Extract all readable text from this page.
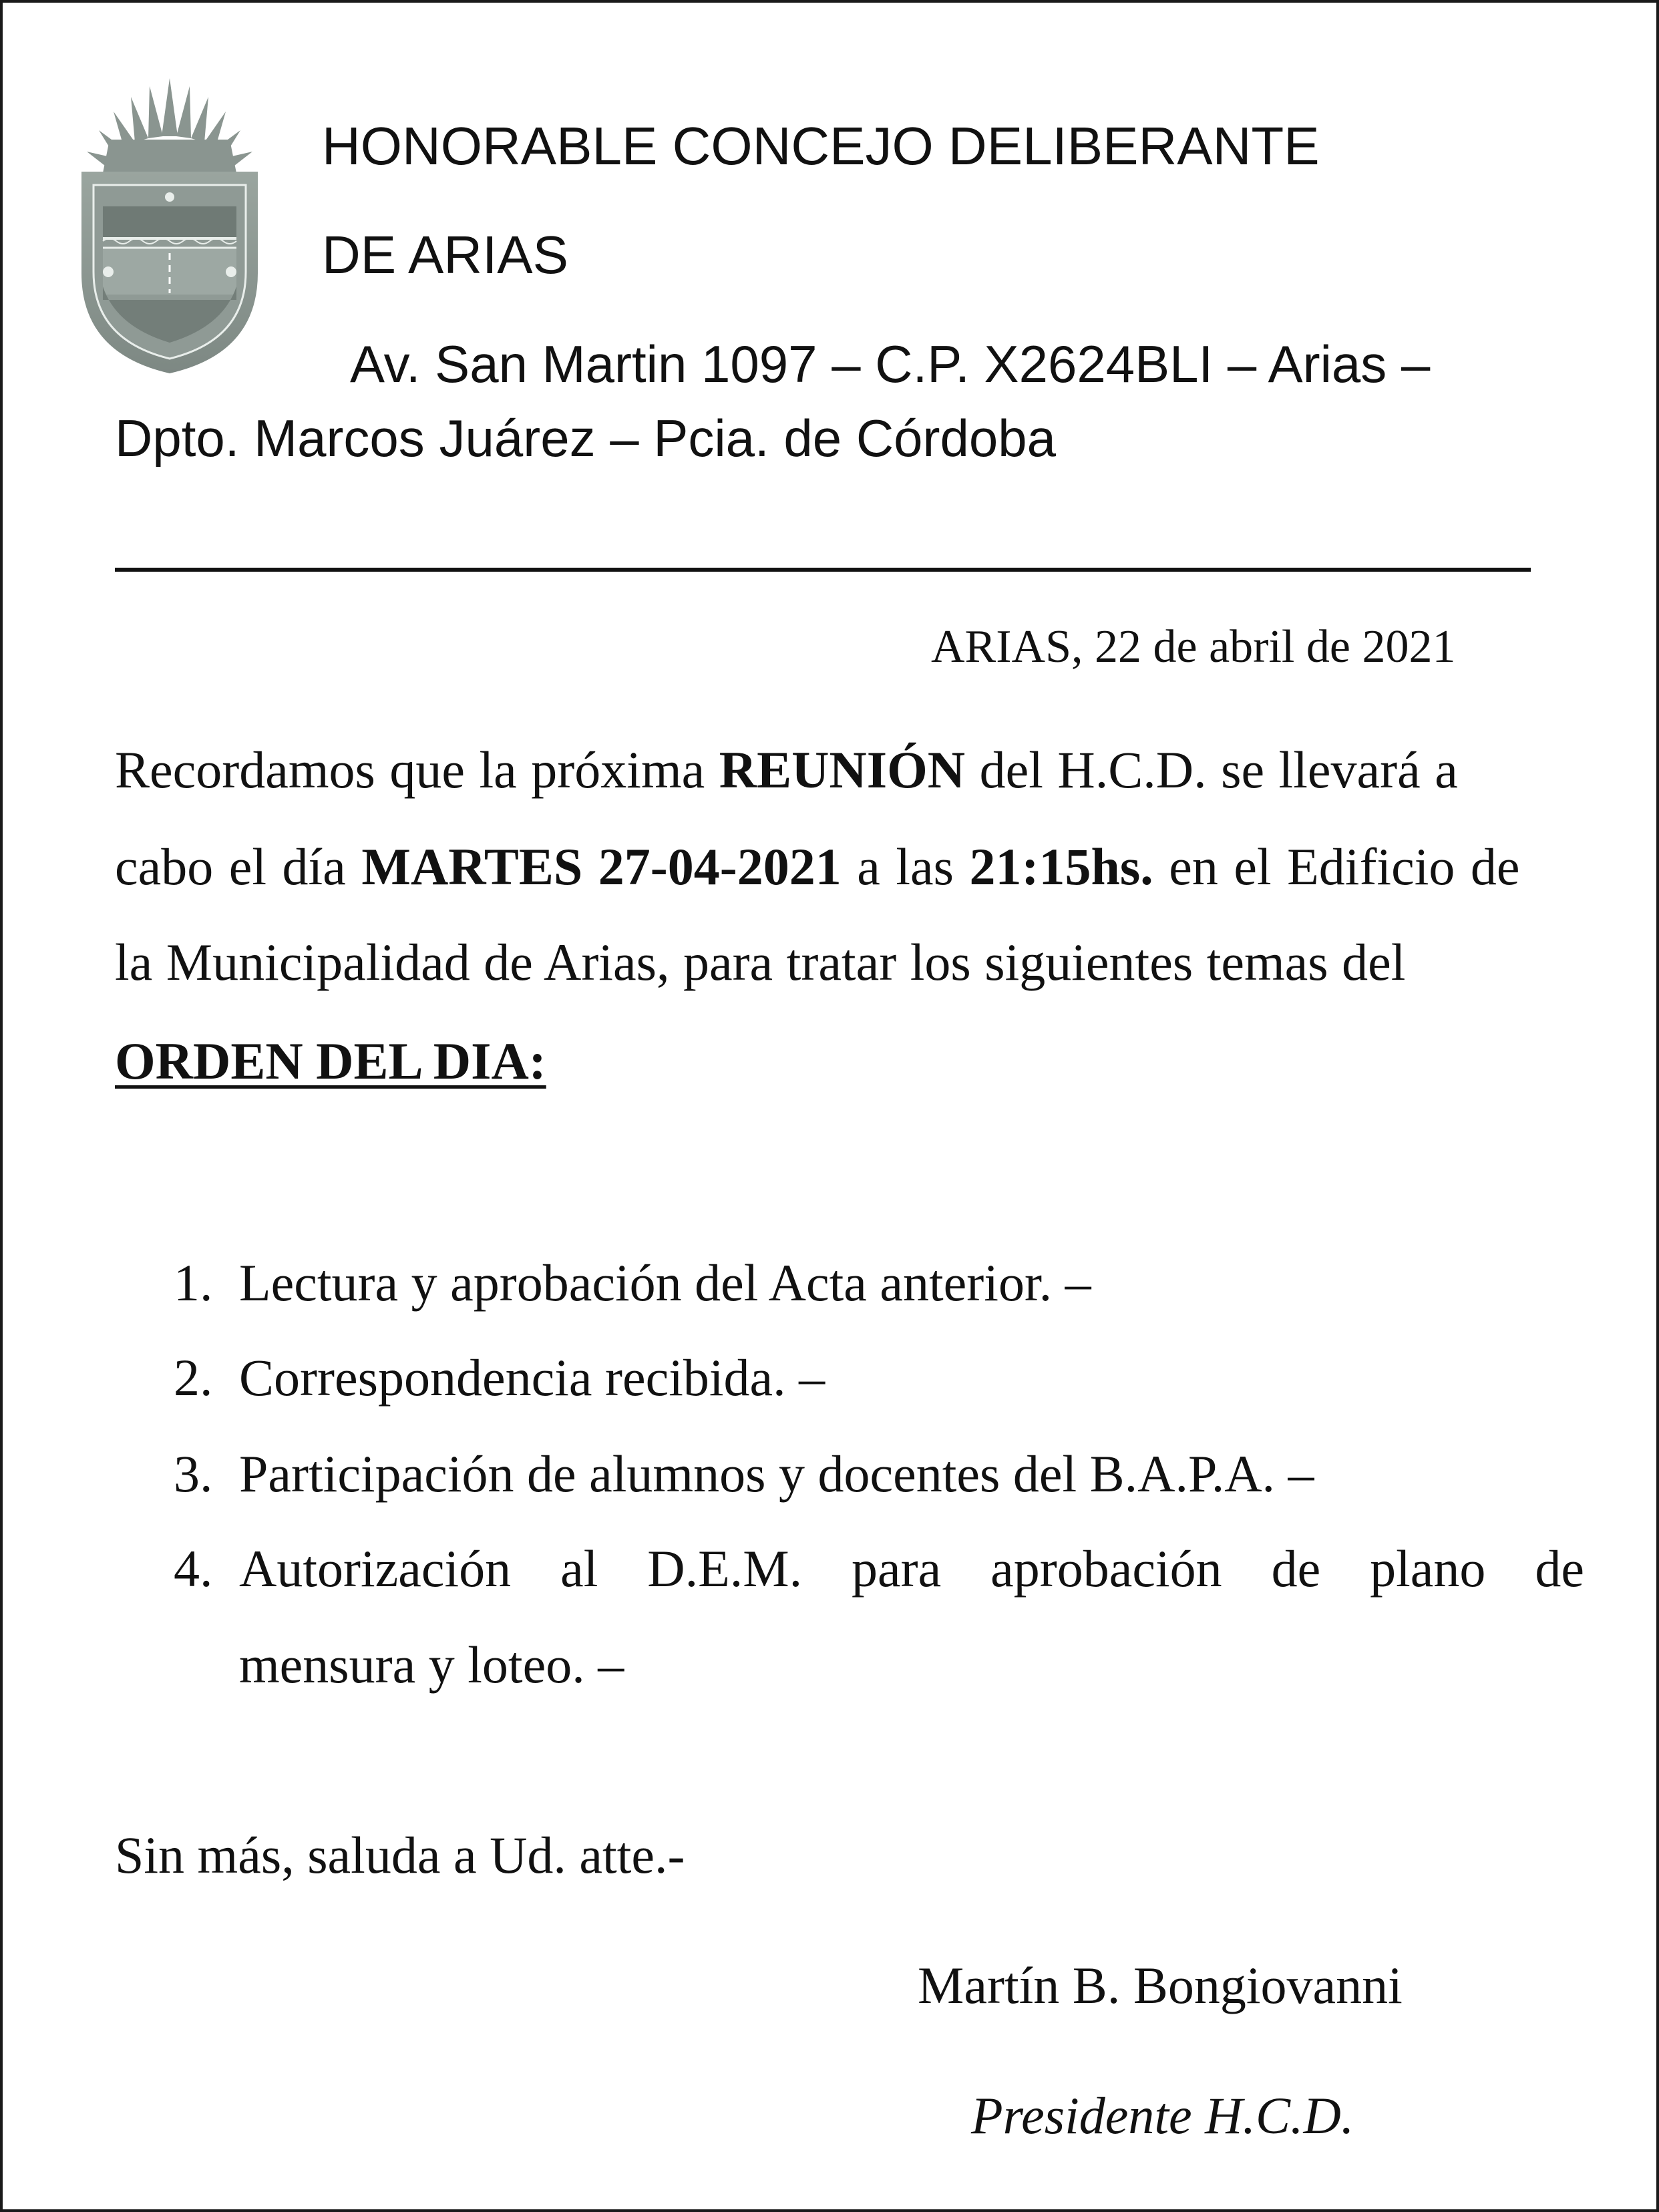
HONORABLE CONCEJO DELIBERANTE
DE ARIAS
Av. San Martin 1097 – C.P. X2624BLI – Arias –
Dpto. Marcos Juárez – Pcia. de Córdoba
ARIAS, 22 de abril de 2021
Recordamos que la próxima REUNIÓN del H.C.D. se llevará a
cabo el día MARTES 27-04-2021 a las 21:15hs. en el Edificio de
la Municipalidad de Arias, para tratar los siguientes temas del
ORDEN DEL DIA:
1. Lectura y aprobación del Acta anterior. –
2. Correspondencia recibida. –
3. Participación de alumnos y docentes del B.A.P.A. –
4. Autorización al D.E.M. para aprobación de plano de
mensura y loteo. –
Sin más, saluda a Ud. atte.-
Martín B. Bongiovanni
Presidente H.C.D.
